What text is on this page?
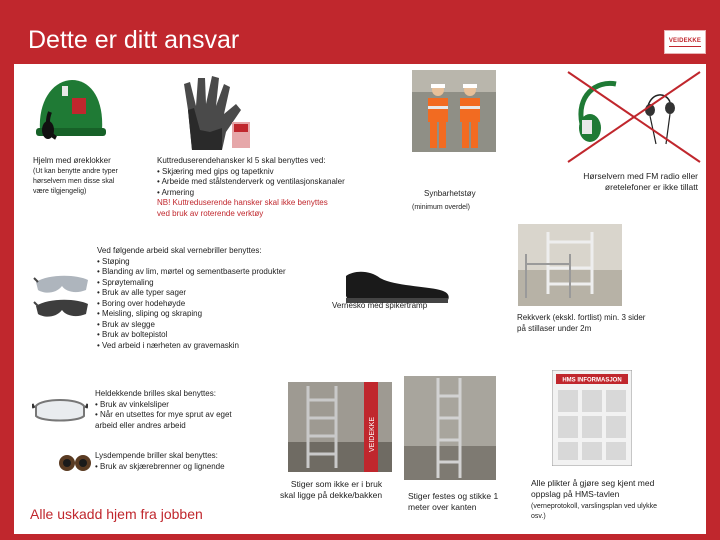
Dette er ditt ansvar	VEIDEKKE
Hjelm med øreklokker

(Ut kan benytte andre typer

hørselvern men disse skal

være tilgjengelig)

Kuttreduserendehansker kl 5 skal benyttes ved:

• Skjæring med gips og tapetkniv

• Arbeide med stålstenderverk og ventilasjonskanaler

• Armering

NB! Kuttreduserende hansker skal ikke benyttes

ved bruk av roterende verktøy

Synbarhetstøy
(minimum overdel)

Hørselvern med FM radio eller

øretelefoner er ikke tillatt

Ved følgende arbeid skal vernebriller benyttes:

• Støping

• Blanding av lim, mørtel og sementbaserte produkter

• Sprøytemaling

• Bruk av alle typer sager

• Boring over hodehøyde

• Meisling, sliping og skraping

• Bruk av slegge

• Bruk av boltepistol

• Ved arbeid i nærheten av gravemaskin

Vernesko med spikertramp

Rekkverk (ekskl. fortlist) min. 3 sider

på stillaser under 2m

Heldekkende brilles skal benyttes:

• Bruk av vinkelsliper

• Når en utsettes for mye sprut av eget

arbeid eller andres arbeid

Lysdempende briller skal benyttes:

• Bruk av skjærebrenner og lignende

VEIDEKKE

Stiger som ikke er i bruk

skal ligge på dekke/bakken	Stiger festes og stikke 1

meter over kanten

HMS INFORMASJON

Alle plikter å gjøre seg kjent med

oppslag på HMS-tavlen

(verneprotokoll, varslingsplan ved ulykke

osv.)

Alle uskadd hjem fra jobben
